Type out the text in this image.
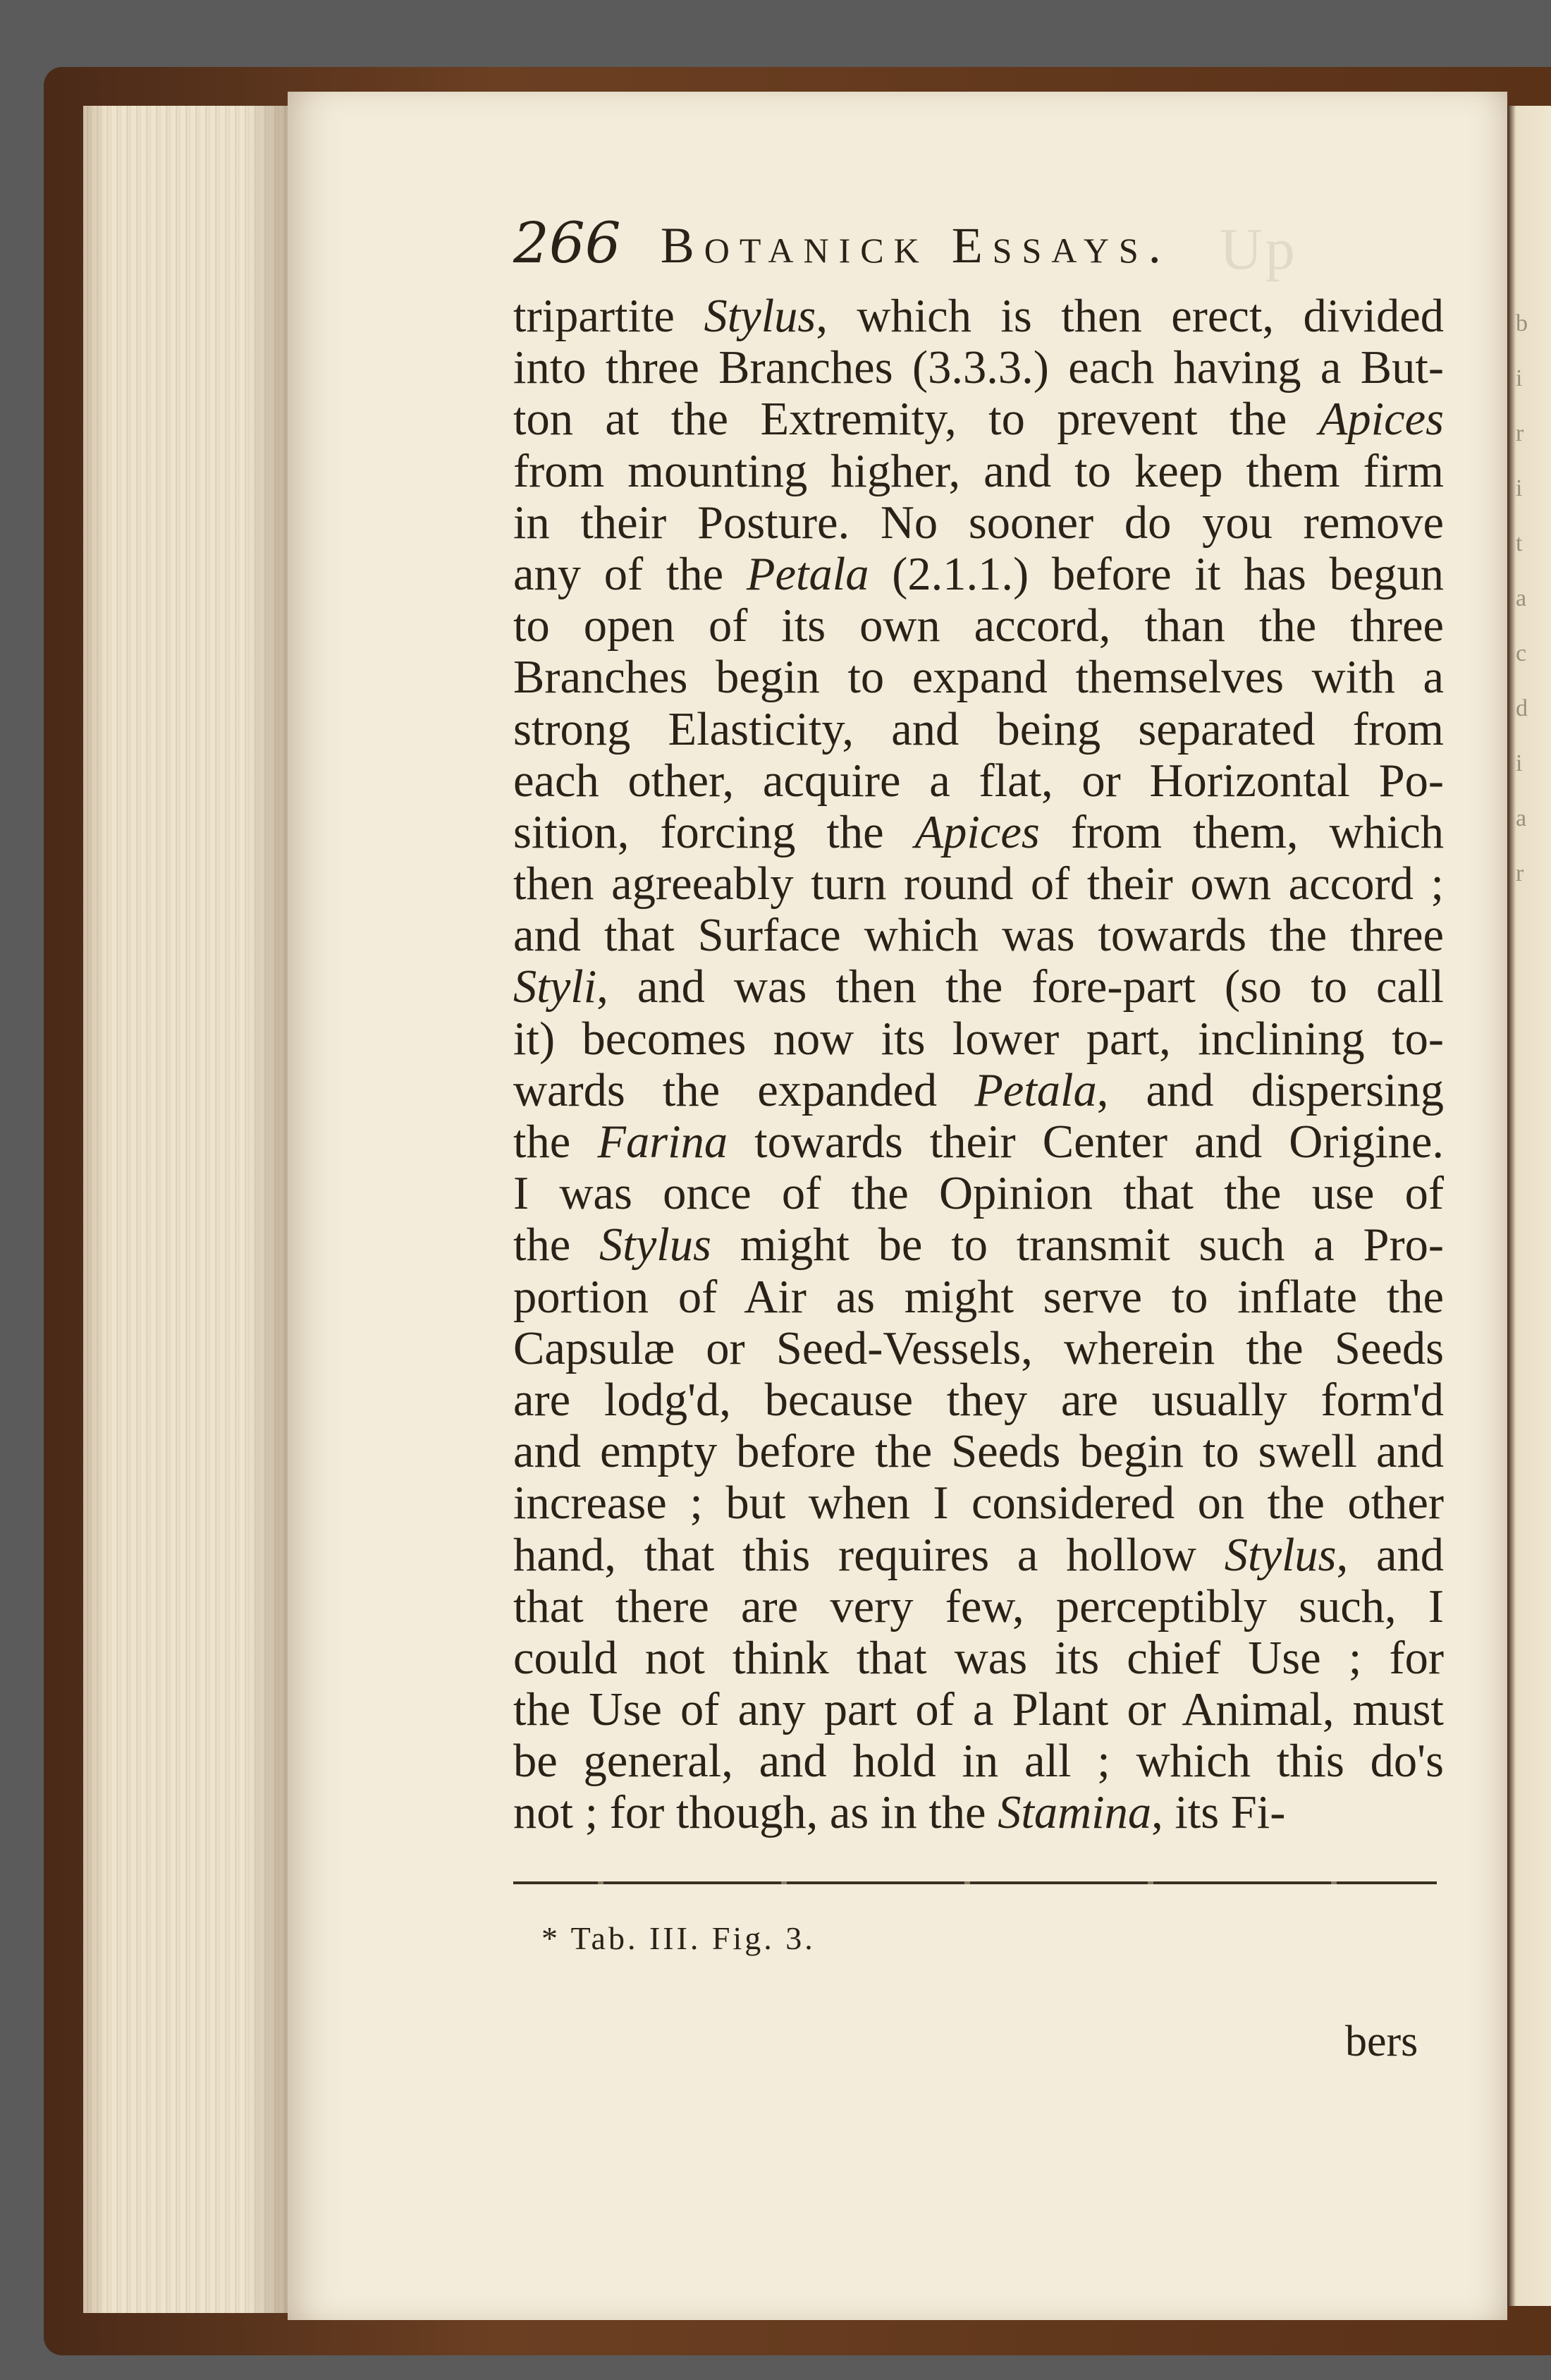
b
i
r
i
t
a
c
d
i
a
r
Up
266 Botanick Essays.
tripartite Stylus, which is then erect, divided
into three Branches (3.3.3.) each having a But-
ton at the Extremity, to prevent the Apices
from mounting higher, and to keep them firm
in their Posture. No sooner do you remove
any of the Petala (2.1.1.) before it has begun
to open of its own accord, than the three
Branches begin to expand themselves with a
strong Elasticity, and being separated from
each other, acquire a flat, or Horizontal Po-
sition, forcing the Apices from them, which
then agreeably turn round of their own accord ;
and that Surface which was towards the three
Styli, and was then the fore-part (so to call
it) becomes now its lower part, inclining to-
wards the expanded Petala, and dispersing
the Farina towards their Center and Origine.
I was once of the Opinion that the use of
the Stylus might be to transmit such a Pro-
portion of Air as might serve to inflate the
Capsulæ or Seed-Vessels, wherein the Seeds
are lodg'd, because they are usually form'd
and empty before the Seeds begin to swell and
increase ; but when I considered on the other
hand, that this requires a hollow Stylus, and
that there are very few, perceptibly such, I
could not think that was its chief Use ; for
the Use of any part of a Plant or Animal, must
be general, and hold in all ; which this do's
not ; for though, as in the Stamina, its Fi-
* Tab. III. Fig. 3.
bers
